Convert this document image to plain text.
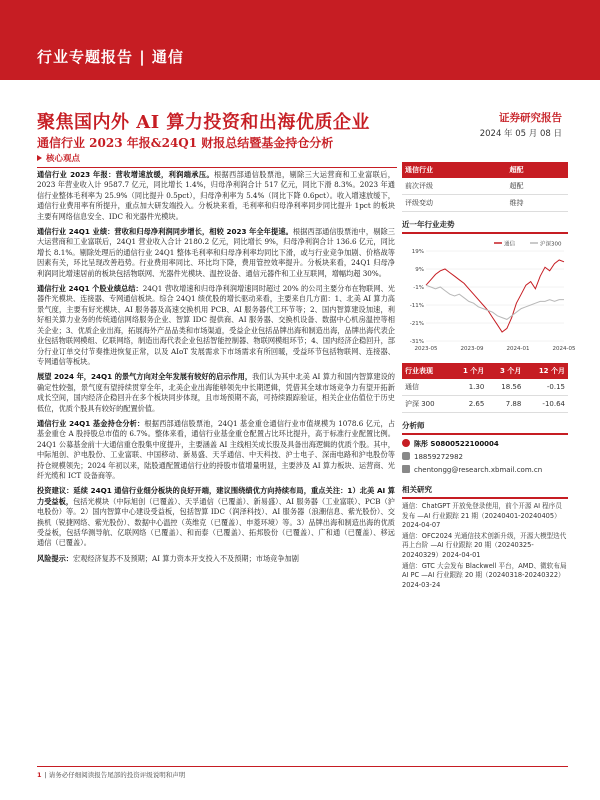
行业专题报告 | 通信
聚焦国内外 AI 算力投资和出海优质企业
通信行业 2023 年报&24Q1 财报总结暨基金持仓分析
证券研究报告
2024 年 05 月 08 日
核心观点

通信行业 2023 年报：营收增速放缓，利润端承压。根据西部通信股票池，剔除三大运营商和工业富联后，2023 年营业收入计 9587.7 亿元，同比增长 1.4%，归母净利润合计 517 亿元，同比下滑 8.3%。2023 年通信行业整体毛利率为 25.9%（同比提升 0.5pct），归母净利率为 5.4%（同比下降 0.6pct）。收入增速放缓下，通信行业费用率有所提升，重点加大研发端投入。分板块来看，毛利率和归母净利率同步同比提升 1pct 的板块主要有网络信息安全、IDC 和光器件光模块。

通信行业 24Q1 业绩：营收和归母净利润同步增长，相较 2023 年全年提速。根据西部通信股票池中，剔除三大运营商和工业富联后，24Q1 营业收入合计 2180.2 亿元，同比增长 9%，归母净利润合计 136.6 亿元，同比增长 8.1%。剔除处理后的通信行业 24Q1 整体毛利率和归母净利率均同比下滑，或与行业竞争加剧、价格战等因素有关，环比呈现改善趋势。行业费用率同比、环比均下降，费用管控效率提升。分板块来看，24Q1 归母净利润同比增速居前的板块包括物联网、光器件光模块、温控设备、通信元器件和工业互联网，增幅均超 30%。

通信行业 24Q1 个股业绩总结：24Q1 营收增速和归母净利润增速同时超过 20% 的公司主要分布在物联网、光器件光模块、连接器、专网通信板块。综合 24Q1 绩优股的增长驱动来看，主要来自几方面：1、北美 AI 算力高景气度，主要有好光模块、AI 服务器及高速交换机用 PCB、AI 服务器代工环节等；2、国内智算建设加速，利好相关算力业务的传统通信网络服务企业、智算 IDC 提供商、AI 服务器、交换机设备、数据中心机房温控等相关企业；3、优质企业出海，拓展海外产品品类和市场渠道，受益企业包括品牌出海和制造出海，品牌出海代表企业包括物联网模组、亿联网络，制造出海代表企业包括智能控制器、物联网模组环节；4、国内经济企稳回升，部分行业订单交付节奏推进恢复正常，以及 AIoT 发展需求下市场需求有所回暖，受益环节包括物联网、连接器、专网通信等板块。

展望 2024 年，24Q1 的景气方向对全年发展有较好的启示作用，我们认为其中北美 AI 算力和国内智算建设的确定性较强，景气度有望持续贯穿全年，北美企业出海能够领先中长期逻辑，凭借其全球市场竞争力有望开拓新成长空间，国内经济企稳回升在多个板块同步体现，且市场预期不高，可持续跟踪验证，相关企业估值位于历史低位，优质个股具有较好的配置价值。

通信行业 24Q1 基金持仓分析：根据西部通信股票池，24Q1 基金重仓通信行业市值规模为 1078.6 亿元，占基金重仓 A 股持股总市值的 6.7%。整体来看，通信行业基金重仓配置占比环比提升，高于标准行业配置比例。24Q1 公募基金前十大通信重仓股集中度提升，主要涵盖 AI 主线相关成长股及具备出海逻辑的优质个股。其中，中际旭创、沪电股份、工业富联、中国移动、新易盛、天孚通信、中天科技、沪士电子、深南电路和沪电股份等持仓规模领先；2024 年初以来，陆股通配置通信行业的持股市值增量明显，主要涉及 AI 算力板块、运营商、光纤光缆和 ICT 设备商等。

投资建议：延续 24Q1 通信行业细分板块的良好开端，建议围绕绩优方向持续布局，重点关注：1）北美 AI 算力受益板，包括光模块（中际旭创（已覆盖）、天孚通信（已覆盖）、新易盛）、AI 服务器（工业富联）、PCB（沪电股份）等。2）国内智算中心建设受益板，包括智算 IDC（润泽科技）、AI 服务器（浪潮信息、紫光股份）、交换机（锐捷网络、紫光股份）、数据中心温控（英维克（已覆盖）、申菱环境）等。3）品牌出海和制造出海的优质受益板，包括华测导航、亿联网络（已覆盖）、和而泰（已覆盖）、拓邦股份（已覆盖）、广和通（已覆盖）、移远通信（已覆盖）。

风险提示：宏观经济复苏不及预期；AI 算力资本开支投入不及预期；市场竞争加剧

通信行业	超配
前次评级	超配
评级变动	维持
近一年行业走势
通信	沪深300
19%
9%
-1%
-11%
-21%
-31%
2023-05	2023-09	2024-01	2024-05
行业表现	1 个月	3 个月	12 个月
通信	1.30	18.56	-0.15
沪深 300	2.65	7.88	-10.64
分析师
陈彤 S0800522100004
18859272982
chentongg@research.xbmail.com.cn
相关研究

通信：ChatGPT 开放免登录使用，前个开源 AI 程序员发布 —AI 行业跟踪 21 期（20240401-20240405）2024-04-07

通信：OFC2024 光通信技术创新升级，开源大模型迭代再上台阶 —AI 行业跟踪 20 期（20240325-20240329）2024-04-01

通信：GTC 大会发布 Blackwell 平台，AMD、微软布局 AI PC —AI 行业跟踪 20 期（20240318-20240322）2024-03-24

1 | 请务必仔细阅读报告尾部的投资评级说明和声明
